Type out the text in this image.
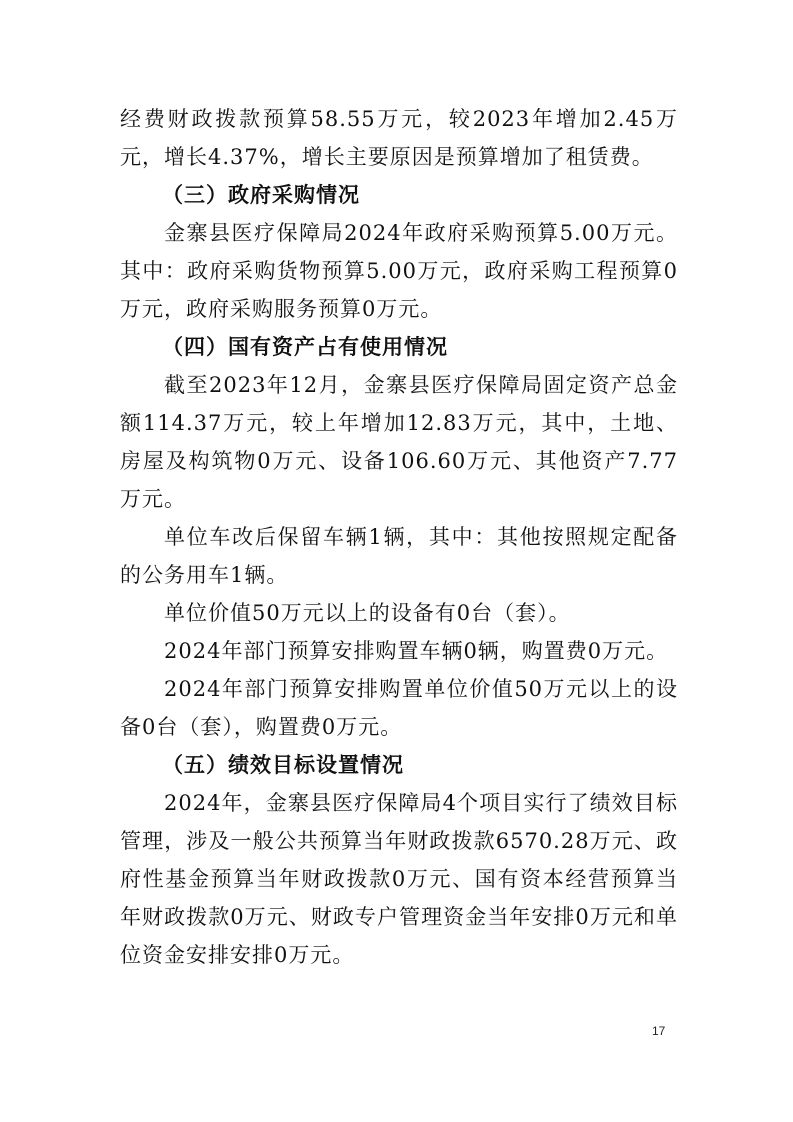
经费财政拨款预算58.55万元，较2023年增加2.45万元，增长4.37%，增长主要原因是预算增加了租赁费。

（三）政府采购情况

金寨县医疗保障局2024年政府采购预算5.00万元。其中：政府采购货物预算5.00万元，政府采购工程预算0万元，政府采购服务预算0万元。

（四）国有资产占有使用情况

截至2023年12月，金寨县医疗保障局固定资产总金额114.37万元，较上年增加12.83万元，其中，土地、房屋及构筑物0万元、设备106.60万元、其他资产7.77万元。

单位车改后保留车辆1辆，其中：其他按照规定配备的公务用车1辆。

单位价值50万元以上的设备有0台（套）。

2024年部门预算安排购置车辆0辆，购置费0万元。

2024年部门预算安排购置单位价值50万元以上的设备0台（套），购置费0万元。

（五）绩效目标设置情况

2024年，金寨县医疗保障局4个项目实行了绩效目标管理，涉及一般公共预算当年财政拨款6570.28万元、政府性基金预算当年财政拨款0万元、国有资本经营预算当年财政拨款0万元、财政专户管理资金当年安排0万元和单位资金安排安排0万元。

17
